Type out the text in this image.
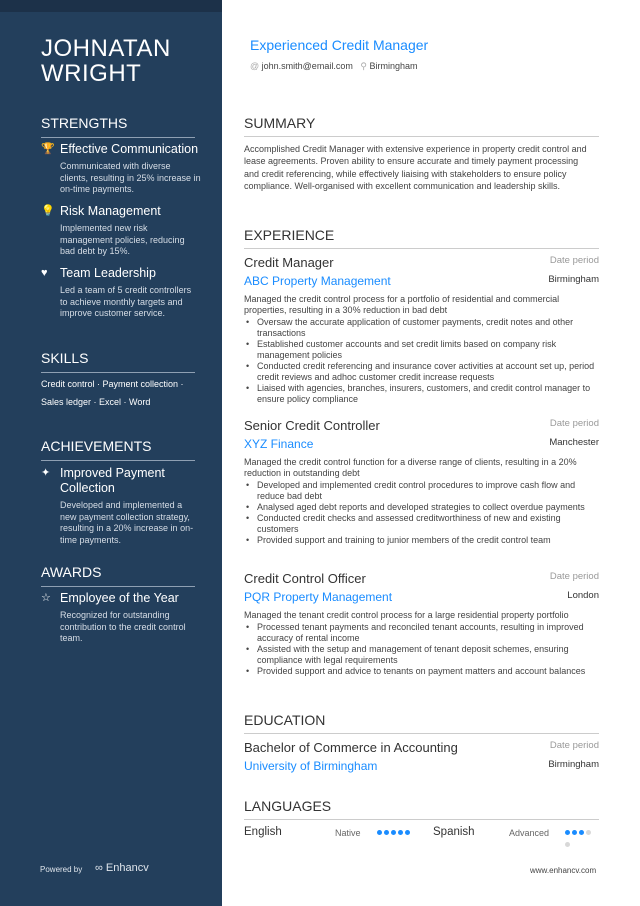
JOHNATAN WRIGHT
STRENGTHS
🏆 Effective Communication
Communicated with diverse clients, resulting in 25% increase in on-time payments.
💡 Risk Management
Implemented new risk management policies, reducing bad debt by 15%.
♥ Team Leadership
Led a team of 5 credit controllers to achieve monthly targets and improve customer service.
SKILLS
Credit control · Payment collection ·
Sales ledger · Excel · Word
ACHIEVEMENTS
✦ Improved Payment Collection
Developed and implemented a new payment collection strategy, resulting in a 20% increase in on-time payments.
AWARDS
☆ Employee of the Year
Recognized for outstanding contribution to the credit control team.
Powered by ∞ Enhancv
Experienced Credit Manager
@ john.smith@email.com ⚲ Birmingham
SUMMARY
Accomplished Credit Manager with extensive experience in property credit control and lease agreements. Proven ability to ensure accurate and timely payment processing and credit referencing, while effectively liaising with stakeholders to ensure policy compliance. Well-organised with excellent communication and leadership skills.
EXPERIENCE
Credit Manager	Date period
ABC Property Management	Birmingham
Managed the credit control process for a portfolio of residential and commercial properties, resulting in a 30% reduction in bad debt
• Oversaw the accurate application of customer payments, credit notes and other transactions
• Established customer accounts and set credit limits based on company risk management policies
• Conducted credit referencing and insurance cover activities at account set up, period credit reviews and adhoc customer credit increase requests
• Liaised with agencies, branches, insurers, customers, and credit control manager to ensure policy compliance
Senior Credit Controller	Date period
XYZ Finance	Manchester
Managed the credit control function for a diverse range of clients, resulting in a 20% reduction in outstanding debt
• Developed and implemented credit control procedures to improve cash flow and reduce bad debt
• Analysed aged debt reports and developed strategies to collect overdue payments
• Conducted credit checks and assessed creditworthiness of new and existing customers
• Provided support and training to junior members of the credit control team
Credit Control Officer	Date period
PQR Property Management	London
Managed the tenant credit control process for a large residential property portfolio
• Processed tenant payments and reconciled tenant accounts, resulting in improved accuracy of rental income
• Assisted with the setup and management of tenant deposit schemes, ensuring compliance with legal requirements
• Provided support and advice to tenants on payment matters and account balances
EDUCATION
Bachelor of Commerce in Accounting	Date period
University of Birmingham	Birmingham
LANGUAGES
English	Native	Spanish	Advanced
www.enhancv.com
